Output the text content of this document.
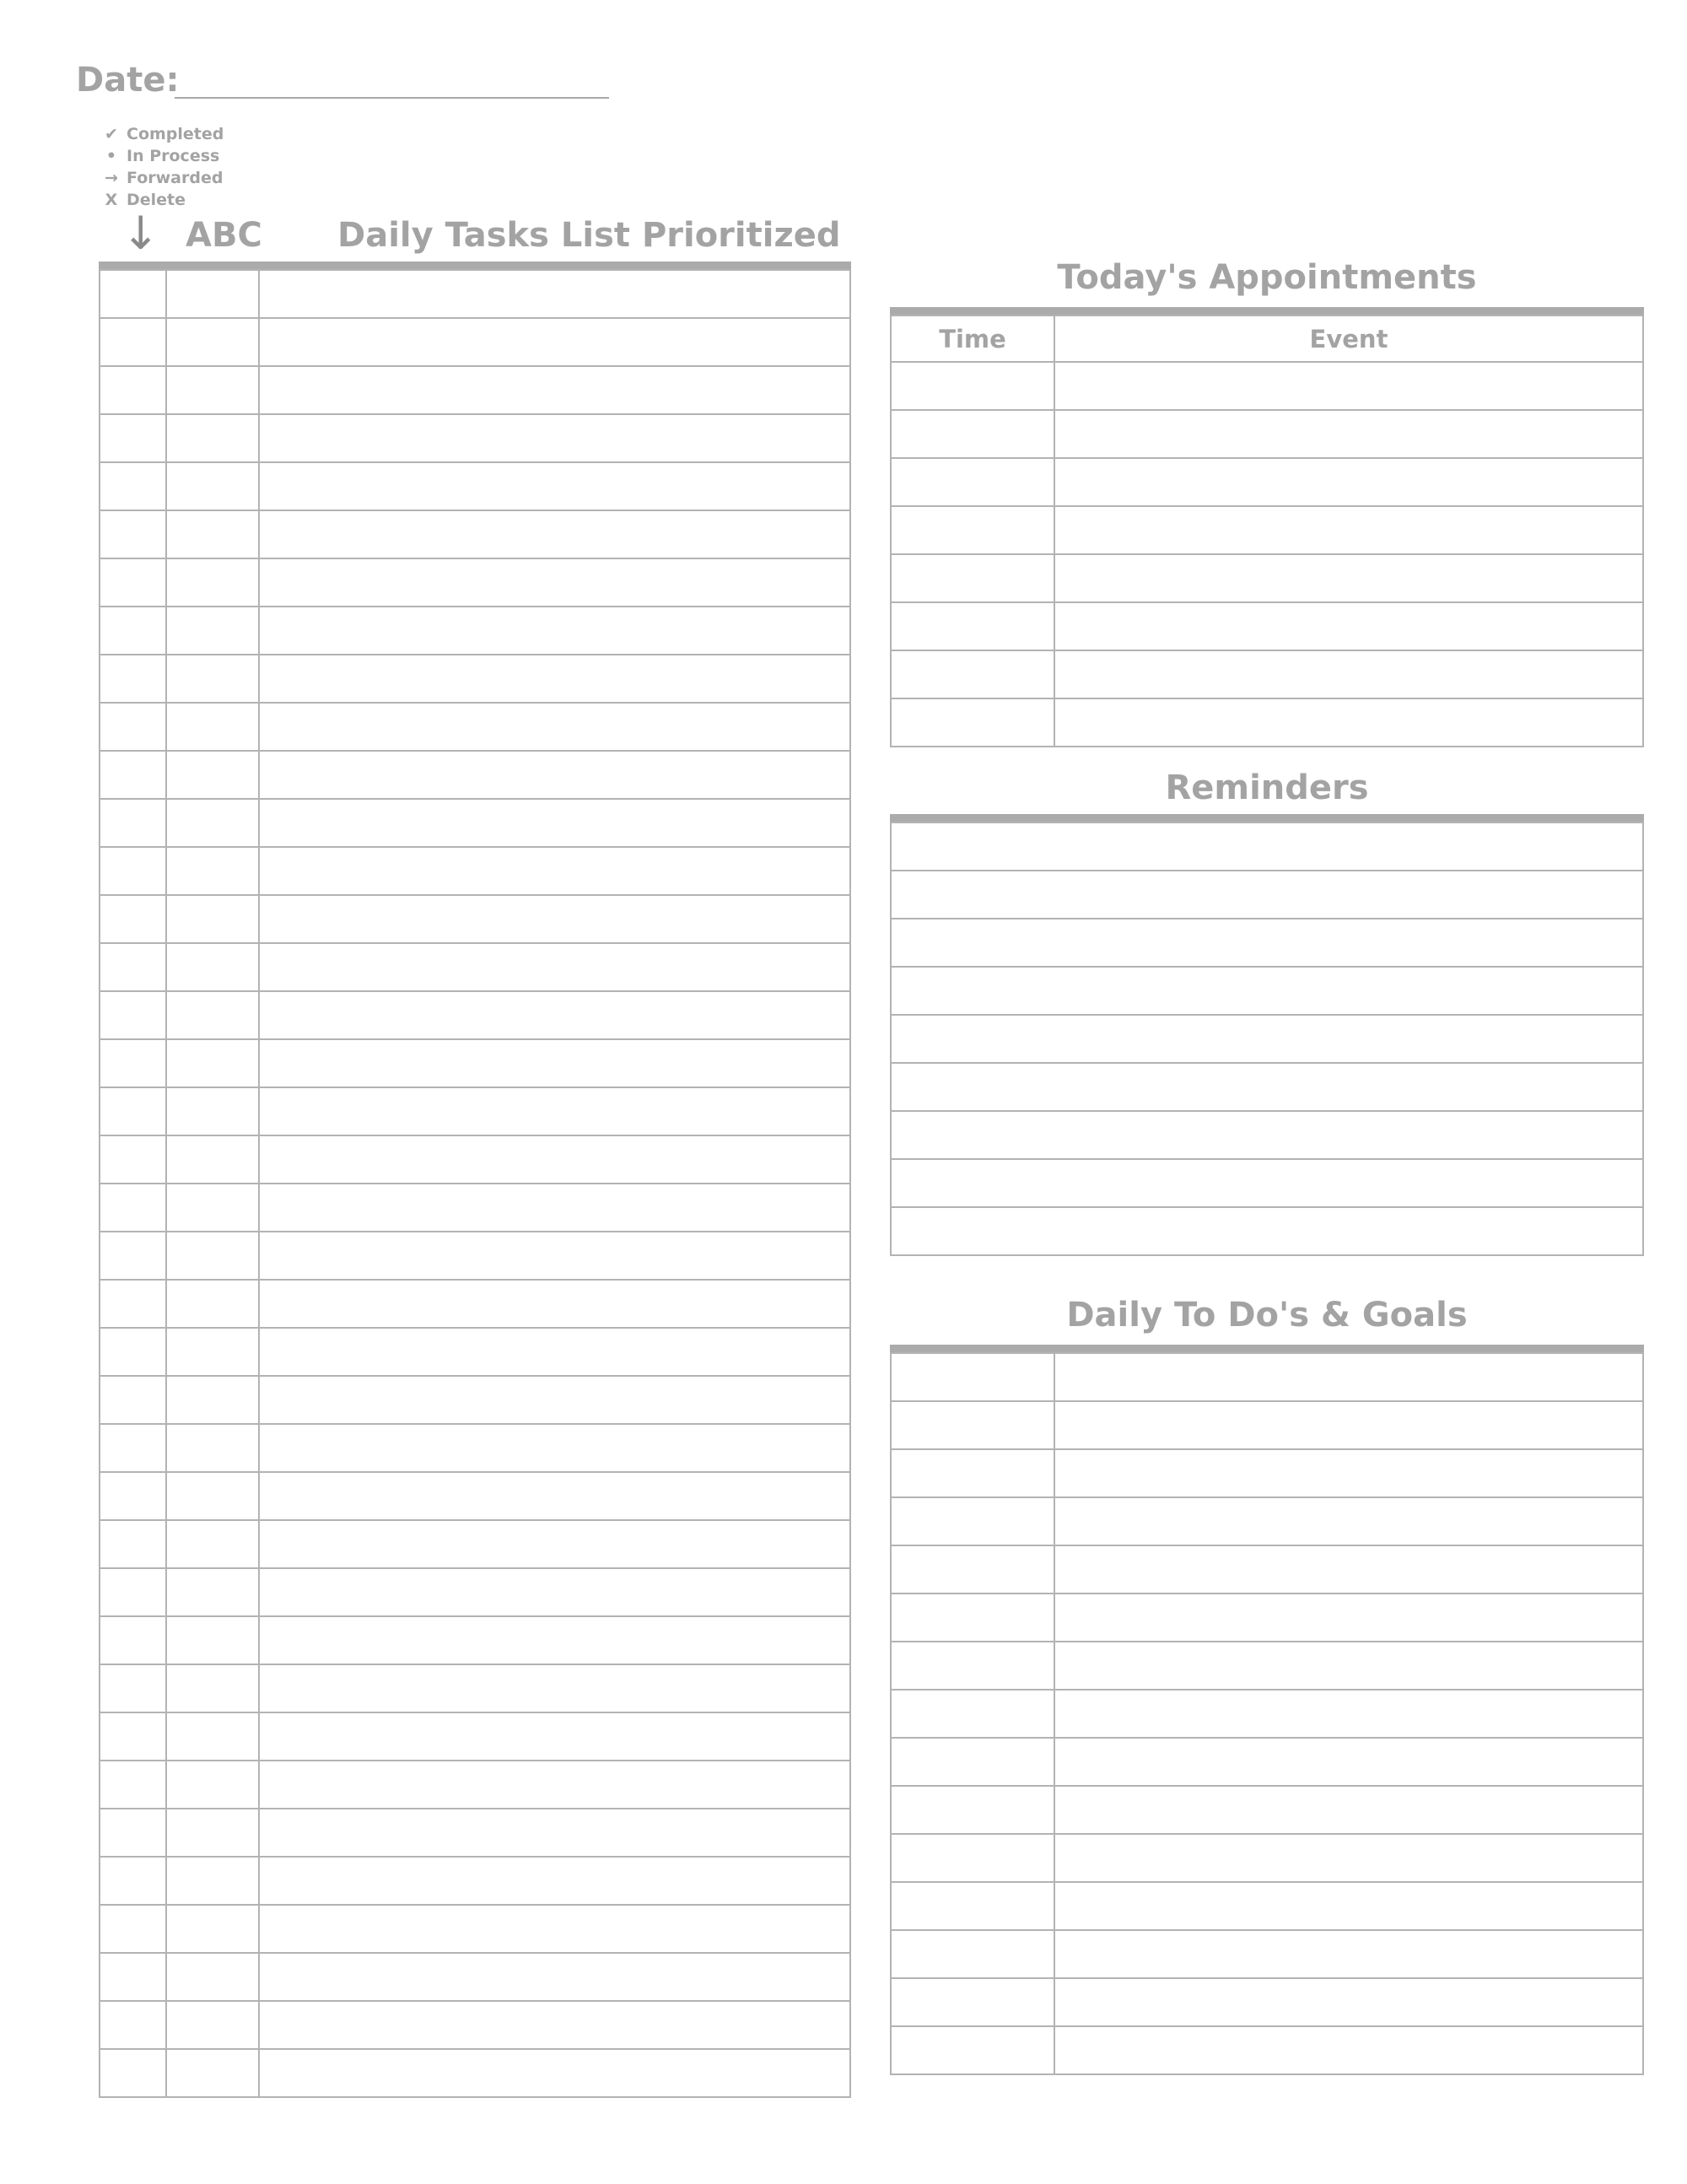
Date:
✔ Completed
• In Process
→ Forwarded
X Delete
↓ ABC Daily Tasks List Prioritized

Today's Appointments
Time	Event

Reminders

Daily To Do's & Goals
